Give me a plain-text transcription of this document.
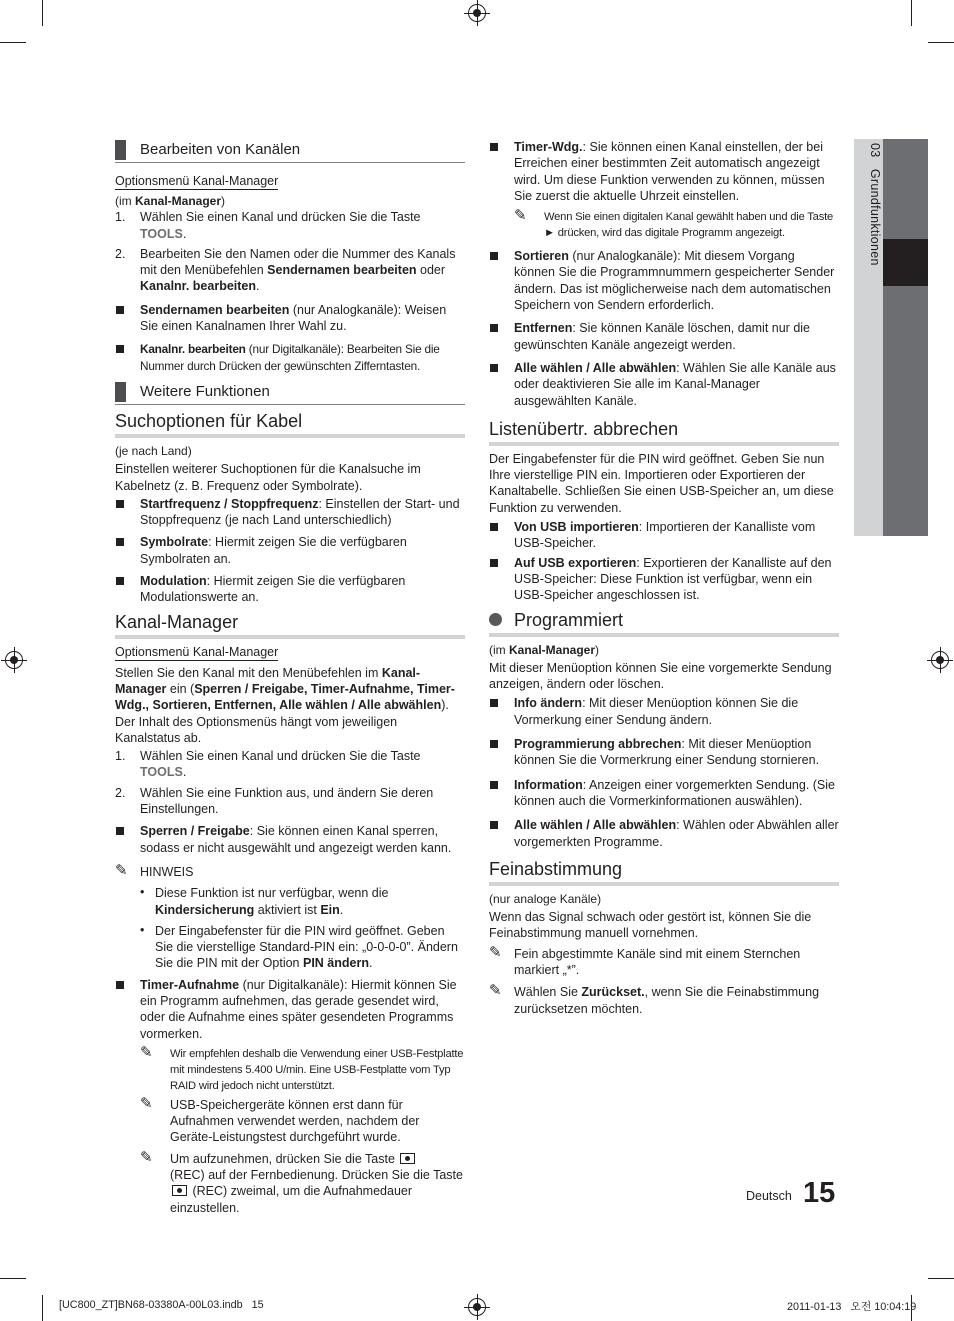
Bearbeiten von Kanälen

Optionsmenü Kanal-Manager

(im Kanal-Manager)

1. Wählen Sie einen Kanal und drücken Sie die Taste TOOLS.
2. Bearbeiten Sie den Namen oder die Nummer des Kanals mit den Menübefehlen Sendernamen bearbeiten oder Kanalnr. bearbeiten.
Sendernamen bearbeiten (nur Analogkanäle): Weisen Sie einen Kanalnamen Ihrer Wahl zu.
Kanalnr. bearbeiten (nur Digitalkanäle): Bearbeiten Sie die Nummer durch Drücken der gewünschten Zifferntasten.
Weitere Funktionen
Suchoptionen für Kabel

(je nach Land)

Einstellen weiterer Suchoptionen für die Kanalsuche im Kabelnetz (z. B. Frequenz oder Symbolrate).

Startfrequenz / Stoppfrequenz: Einstellen der Start- und Stoppfrequenz (je nach Land unterschiedlich)
Symbolrate: Hiermit zeigen Sie die verfügbaren Symbolraten an.
Modulation: Hiermit zeigen Sie die verfügbaren Modulationswerte an.
Kanal-Manager

Optionsmenü Kanal-Manager

Stellen Sie den Kanal mit den Menübefehlen im Kanal-Manager ein (Sperren / Freigabe, Timer-Aufnahme, Timer-Wdg., Sortieren, Entfernen, Alle wählen / Alle abwählen). Der Inhalt des Optionsmenüs hängt vom jeweiligen Kanalstatus ab.

1. Wählen Sie einen Kanal und drücken Sie die Taste TOOLS.
2. Wählen Sie eine Funktion aus, und ändern Sie deren Einstellungen.
Sperren / Freigabe: Sie können einen Kanal sperren, sodass er nicht ausgewählt und angezeigt werden kann.
✎ HINWEIS
• Diese Funktion ist nur verfügbar, wenn die Kindersicherung aktiviert ist Ein.
• Der Eingabefenster für die PIN wird geöffnet. Geben Sie die vierstellige Standard-PIN ein: „0-0-0-0”. Ändern Sie die PIN mit der Option PIN ändern.
Timer-Aufnahme (nur Digitalkanäle): Hiermit können Sie ein Programm aufnehmen, das gerade gesendet wird, oder die Aufnahme eines später gesendeten Programms vormerken.
✎ Wir empfehlen deshalb die Verwendung einer USB-Festplatte mit mindestens 5.400 U/min. Eine USB-Festplatte vom Typ RAID wird jedoch nicht unterstützt.
✎ USB-Speichergeräte können erst dann für Aufnahmen verwendet werden, nachdem der Geräte-Leistungstest durchgeführt wurde.
✎ Um aufzunehmen, drücken Sie die Taste
(REC) auf der Fernbedienung. Drücken Sie die Taste  (REC) zweimal, um die Aufnahmedauer einzustellen.
Timer-Wdg.: Sie können einen Kanal einstellen, der bei Erreichen einer bestimmten Zeit automatisch angezeigt wird. Um diese Funktion verwenden zu können, müssen Sie zuerst die aktuelle Uhrzeit einstellen.
✎ Wenn Sie einen digitalen Kanal gewählt haben und die Taste ► drücken, wird das digitale Programm angezeigt.
Sortieren (nur Analogkanäle): Mit diesem Vorgang können Sie die Programmnummern gespeicherter Sender ändern. Das ist möglicherweise nach dem automatischen Speichern von Sendern erforderlich.
Entfernen: Sie können Kanäle löschen, damit nur die gewünschten Kanäle angezeigt werden.
Alle wählen / Alle abwählen: Wählen Sie alle Kanäle aus oder deaktivieren Sie alle im Kanal-Manager ausgewählten Kanäle.
Listenübertr. abbrechen

Der Eingabefenster für die PIN wird geöffnet. Geben Sie nun Ihre vierstellige PIN ein. Importieren oder Exportieren der Kanaltabelle. Schließen Sie einen USB-Speicher an, um diese Funktion zu verwenden.

Von USB importieren: Importieren der Kanalliste vom USB-Speicher.
Auf USB exportieren: Exportieren der Kanalliste auf den USB-Speicher: Diese Funktion ist verfügbar, wenn ein USB-Speicher angeschlossen ist.
Programmiert

(im Kanal-Manager)

Mit dieser Menüoption können Sie eine vorgemerkte Sendung anzeigen, ändern oder löschen.

Info ändern: Mit dieser Menüoption können Sie die Vormerkung einer Sendung ändern.
Programmierung abbrechen: Mit dieser Menüoption können Sie die Vormerkrung einer Sendung stornieren.
Information: Anzeigen einer vorgemerkten Sendung. (Sie können auch die Vormerkinformationen auswählen).
Alle wählen / Alle abwählen: Wählen oder Abwählen aller vorgemerkten Programme.
Feinabstimmung

(nur analoge Kanäle)

Wenn das Signal schwach oder gestört ist, können Sie die Feinabstimmung manuell vornehmen.

✎ Fein abgestimmte Kanäle sind mit einem Sternchen markiert „*”.
✎ Wählen Sie Zurückset., wenn Sie die Feinabstimmung zurücksetzen möchten.
03   Grundfunktionen
Deutsch 15
[UC800_ZT]BN68-03380A-00L03.indb   15	2011-01-13   오전 10:04:19
